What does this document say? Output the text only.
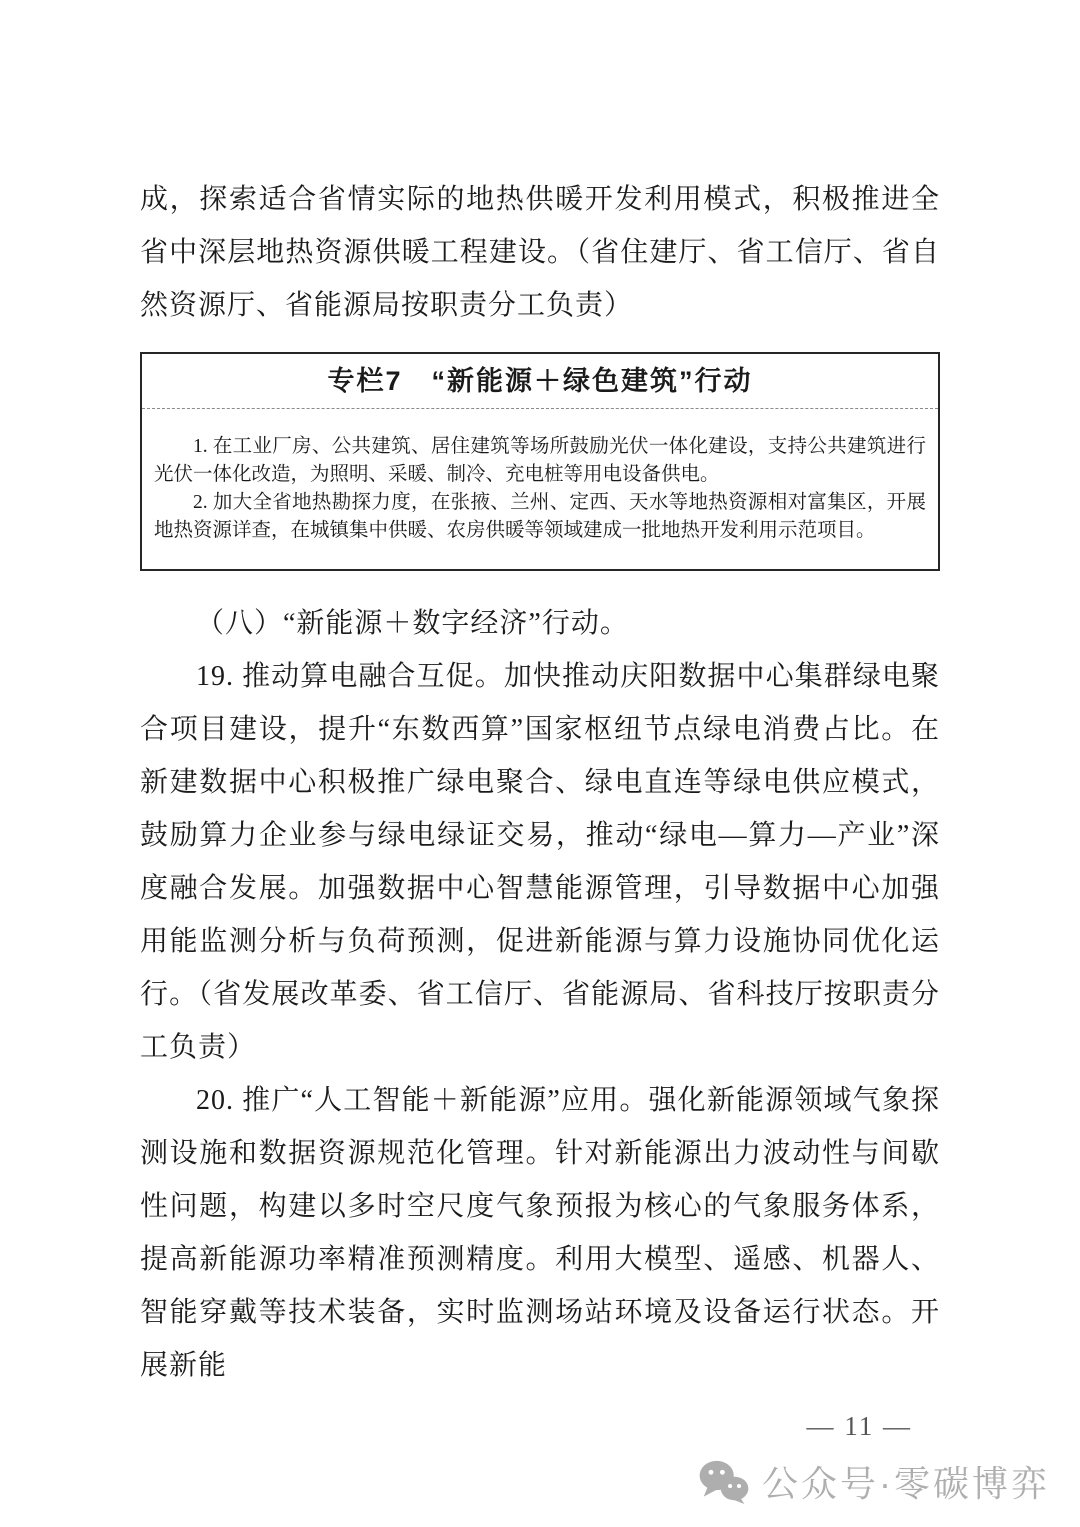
成，探索适合省情实际的地热供暖开发利用模式，积极推进全省中深层地热资源供暖工程建设。（省住建厅、省工信厅、省自然资源厅、省能源局按职责分工负责）

专栏7　“新能源＋绿色建筑”行动

1. 在工业厂房、公共建筑、居住建筑等场所鼓励光伏一体化建设，支持公共建筑进行光伏一体化改造，为照明、采暖、制冷、充电桩等用电设备供电。

2. 加大全省地热勘探力度，在张掖、兰州、定西、天水等地热资源相对富集区，开展地热资源详查，在城镇集中供暖、农房供暖等领域建成一批地热开发利用示范项目。

（八）“新能源＋数字经济”行动。

19. 推动算电融合互促。加快推动庆阳数据中心集群绿电聚合项目建设，提升“东数西算”国家枢纽节点绿电消费占比。在新建数据中心积极推广绿电聚合、绿电直连等绿电供应模式，鼓励算力企业参与绿电绿证交易，推动“绿电—算力—产业”深度融合发展。加强数据中心智慧能源管理，引导数据中心加强用能监测分析与负荷预测，促进新能源与算力设施协同优化运行。（省发展改革委、省工信厅、省能源局、省科技厅按职责分工负责）

20. 推广“人工智能＋新能源”应用。强化新能源领域气象探测设施和数据资源规范化管理。针对新能源出力波动性与间歇性问题，构建以多时空尺度气象预报为核心的气象服务体系，提高新能源功率精准预测精度。利用大模型、遥感、机器人、智能穿戴等技术装备，实时监测场站环境及设备运行状态。开展新能

— 11 —
公众号·零碳博弈
